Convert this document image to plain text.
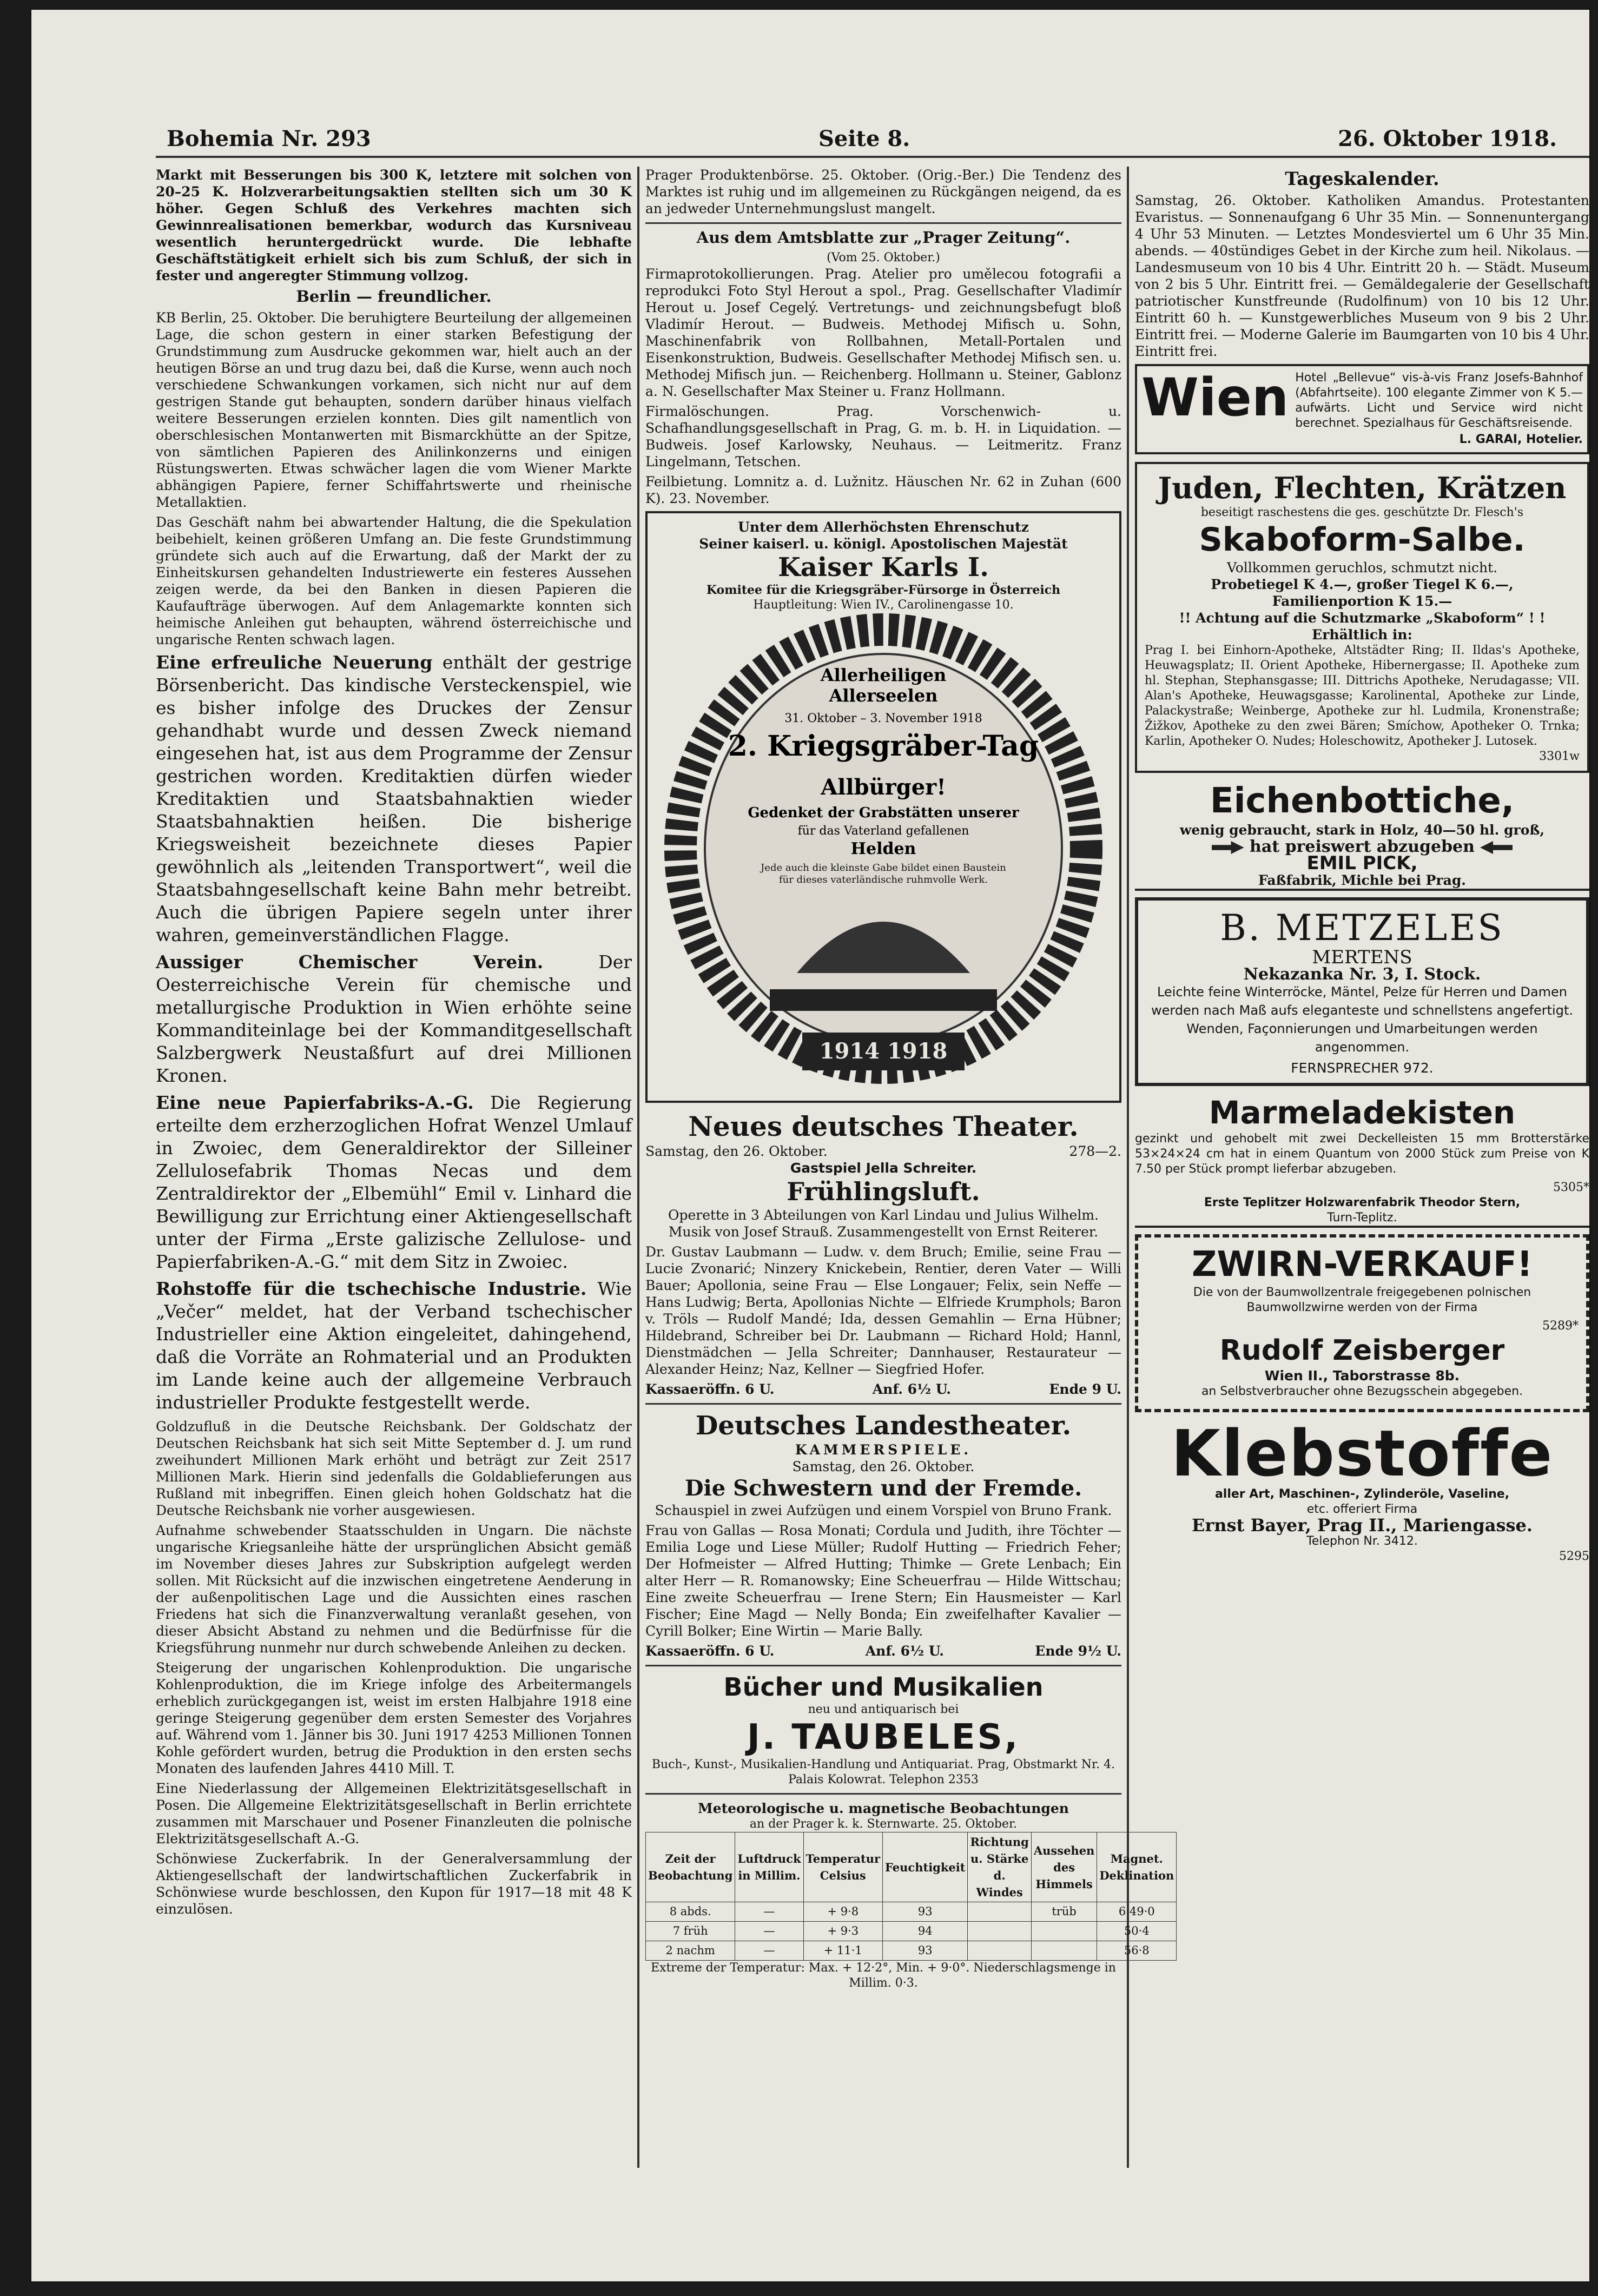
Bohemia Nr. 293	Seite 8.	26. Oktober 1918.

Markt mit Besserungen bis 300 K, letztere mit solchen von 20–25 K. Holzverarbeitungsaktien stellten sich um 30 K höher. Gegen Schluß des Verkehres machten sich Gewinnrealisationen bemerkbar, wodurch das Kursniveau wesentlich heruntergedrückt wurde. Die lebhafte Geschäftstätigkeit erhielt sich bis zum Schluß, der sich in fester und angeregter Stimmung vollzog.

Berlin — freundlicher.

KB Berlin, 25. Oktober. Die beruhigtere Beurteilung der allgemeinen Lage, die schon gestern in einer starken Befestigung der Grundstimmung zum Ausdrucke gekommen war, hielt auch an der heutigen Börse an und trug dazu bei, daß die Kurse, wenn auch noch verschiedene Schwankungen vorkamen, sich nicht nur auf dem gestrigen Stande gut behaupten, sondern darüber hinaus vielfach weitere Besserungen erzielen konnten. Dies gilt namentlich von oberschlesischen Montanwerten mit Bismarckhütte an der Spitze, von sämtlichen Papieren des Anilinkonzerns und einigen Rüstungswerten. Etwas schwächer lagen die vom Wiener Markte abhängigen Papiere, ferner Schiffahrtswerte und rheinische Metallaktien.

Das Geschäft nahm bei abwartender Haltung, die die Spekulation beibehielt, keinen größeren Umfang an. Die feste Grundstimmung gründete sich auch auf die Erwartung, daß der Markt der zu Einheitskursen gehandelten Industriewerte ein festeres Aussehen zeigen werde, da bei den Banken in diesen Papieren die Kaufaufträge überwogen. Auf dem Anlagemarkte konnten sich heimische Anleihen gut behaupten, während österreichische und ungarische Renten schwach lagen.

Eine erfreuliche Neuerung enthält der gestrige Börsenbericht. Das kindische Versteckenspiel, wie es bisher infolge des Druckes der Zensur gehandhabt wurde und dessen Zweck niemand eingesehen hat, ist aus dem Programme der Zensur gestrichen worden. Kreditaktien dürfen wieder Kreditaktien und Staatsbahnaktien wieder Staatsbahnaktien heißen. Die bisherige Kriegsweisheit bezeichnete dieses Papier gewöhnlich als „leitenden Transportwert“, weil die Staatsbahngesellschaft keine Bahn mehr betreibt. Auch die übrigen Papiere segeln unter ihrer wahren, gemeinverständlichen Flagge.

Aussiger Chemischer Verein.	Der Oesterreichische Verein für chemische und metallurgische Produktion in Wien erhöhte seine Kommanditeinlage bei der Kommanditgesellschaft Salzbergwerk Neustaßfurt auf drei Millionen Kronen.

Eine neue Papierfabriks-A.-G. Die Regierung erteilte dem erzherzoglichen Hofrat Wenzel Umlauf in Zwoiec, dem Generaldirektor der Silleiner Zellulosefabrik Thomas Necas und dem Zentraldirektor der „Elbemühl“ Emil v. Linhard die Bewilligung zur Errichtung einer Aktiengesellschaft unter der Firma „Erste galizische Zellulose- und Papierfabriken-A.-G.“ mit dem Sitz in Zwoiec.

Rohstoffe für die tschechische Industrie. Wie „Večer“ meldet, hat der Verband tschechischer Industrieller eine Aktion eingeleitet, dahingehend, daß die Vorräte an Rohmaterial und an Produkten im Lande keine auch der allgemeine Verbrauch industrieller Produkte festgestellt werde.

Goldzufluß in die Deutsche Reichsbank. Der Goldschatz der Deutschen Reichsbank hat sich seit Mitte September d. J. um rund zweihundert Millionen Mark erhöht und beträgt zur Zeit 2517 Millionen Mark. Hierin sind jedenfalls die Goldablieferungen aus Rußland mit inbegriffen. Einen gleich hohen Goldschatz hat die Deutsche Reichsbank nie vorher ausgewiesen.

Aufnahme schwebender Staatsschulden in Ungarn. Die nächste ungarische Kriegsanleihe hätte der ursprünglichen Absicht gemäß im November dieses Jahres zur Subskription aufgelegt werden sollen. Mit Rücksicht auf die inzwischen eingetretene Aenderung in der außenpolitischen Lage und die Aussichten eines raschen Friedens hat sich die Finanzverwaltung veranlaßt gesehen, von dieser Absicht Abstand zu nehmen und die Bedürfnisse für die Kriegsführung nunmehr nur durch schwebende Anleihen zu decken.

Steigerung der ungarischen Kohlenproduktion. Die ungarische Kohlenproduktion, die im Kriege infolge des Arbeitermangels erheblich zurückgegangen ist, weist im ersten Halbjahre 1918 eine geringe Steigerung gegenüber dem ersten Semester des Vorjahres auf. Während vom 1. Jänner bis 30. Juni 1917 4253 Millionen Tonnen Kohle gefördert wurden, betrug die Produktion in den ersten sechs Monaten des laufenden Jahres 4410 Mill. T.

Eine Niederlassung der Allgemeinen Elektrizitätsgesellschaft in Posen. Die Allgemeine Elektrizitätsgesellschaft in Berlin errichtete zusammen mit Marschauer und Posener Finanzleuten die polnische Elektrizitätsgesellschaft A.-G.

Schönwiese Zuckerfabrik. In der Generalversammlung der Aktiengesellschaft der landwirtschaftlichen Zuckerfabrik in Schönwiese wurde beschlossen, den Kupon für 1917—18 mit 48 K einzulösen.

Prager Produktenbörse. 25. Oktober. (Orig.-Ber.) Die Tendenz des Marktes ist ruhig und im allgemeinen zu Rückgängen neigend, da es an jedweder Unternehmungslust mangelt.

Aus dem Amtsblatte zur „Prager Zeitung“.
(Vom 25. Oktober.)

Firmaprotokollierungen. Prag. Atelier pro umělecou fotografii a reprodukci Foto Styl Herout a spol., Prag. Gesellschafter Vladimír Herout u. Josef Cegelý. Vertretungs- und zeichnungsbefugt bloß Vladimír Herout. — Budweis. Methodej Mifisch u. Sohn, Maschinenfabrik von Rollbahnen, Metall-Portalen und Eisenkonstruktion, Budweis. Gesellschafter Methodej Mifisch sen. u. Methodej Mifisch jun. — Reichenberg. Hollmann u. Steiner, Gablonz a. N. Gesellschafter Max Steiner u. Franz Hollmann.

Firmalöschungen. Prag. Vorschenwich- u. Schafhandlungsgesellschaft in Prag, G. m. b. H. in Liquidation. — Budweis. Josef Karlowsky, Neuhaus. — Leitmeritz. Franz Lingelmann, Tetschen.

Feilbietung. Lomnitz a. d. Lužnitz. Häuschen Nr. 62 in Zuhan (600 K). 23. November.

Unter dem Allerhöchsten Ehrenschutz
Seiner kaiserl. u. königl. Apostolischen Majestät
Kaiser Karls I.
Komitee für die Kriegsgräber-Fürsorge in Österreich
Hauptleitung: Wien IV., Carolinengasse 10.
Allerheiligen
Allerseelen
31. Oktober – 3. November 1918
2. Kriegsgräber-Tag
Allbürger!
Gedenket der Grabstätten unserer
für das Vaterland gefallenen
Helden
Jede auch die kleinste Gabe bildet einen Baustein für dieses vaterländische ruhmvolle Werk.
1914 1918
Neues deutsches Theater.
Samstag, den 26. Oktober.	278—2.
Gastspiel Jella Schreiter.
Frühlingsluft.

Operette in 3 Abteilungen von Karl Lindau und Julius Wilhelm. Musik von Josef Strauß. Zusammengestellt von Ernst Reiterer.

Dr. Gustav Laubmann — Ludw. v. dem Bruch; Emilie, seine Frau — Lucie Zvonarić; Ninzery Knickebein, Rentier, deren Vater — Willi Bauer; Apollonia, seine Frau — Else Longauer; Felix, sein Neffe — Hans Ludwig; Berta, Apollonias Nichte — Elfriede Krumphols; Baron v. Tröls — Rudolf Mandé; Ida, dessen Gemahlin — Erna Hübner; Hildebrand, Schreiber bei Dr. Laubmann — Richard Hold; Hannl, Dienstmädchen — Jella Schreiter; Dannhauser, Restaurateur — Alexander Heinz; Naz, Kellner — Siegfried Hofer.

Kassaeröffn. 6 U.	Anf. 6½ U.	Ende 9 U.
Deutsches Landestheater.
KAMMERSPIELE.
Samstag, den 26. Oktober.
Die Schwestern und der Fremde.

Schauspiel in zwei Aufzügen und einem Vorspiel von Bruno Frank.

Frau von Gallas — Rosa Monati; Cordula und Judith, ihre Töchter — Emilia Loge und Liese Müller; Rudolf Hutting — Friedrich Feher; Der Hofmeister — Alfred Hutting; Thimke — Grete Lenbach; Ein alter Herr — R. Romanowsky; Eine Scheuerfrau — Hilde Wittschau; Eine zweite Scheuerfrau — Irene Stern; Ein Hausmeister — Karl Fischer; Eine Magd — Nelly Bonda; Ein zweifelhafter Kavalier — Cyrill Bolker; Eine Wirtin — Marie Bally.

Kassaeröffn. 6 U.	Anf. 6½ U.	Ende 9½ U.
Bücher und Musikalien
neu und antiquarisch bei
J. TAUBELES,
Buch-, Kunst-, Musikalien-Handlung und Antiquariat. Prag, Obstmarkt Nr. 4. Palais Kolowrat. Telephon 2353
Meteorologische u. magnetische Beobachtungen
an der Prager k. k. Sternwarte. 25. Oktober.
Zeit der Beobachtung	Luftdruck in Millim.	Temperatur Celsius	Feuchtigkeit	Richtung u. Stärke d. Windes	Aussehen des Himmels	Magnet. Deklination
8 abds.	—	+ 9·8	93		trüb	6 49·0
7 früh	—	+ 9·3	94			50·4
2 nachm	—	+ 11·1	93			56·8
Extreme der Temperatur: Max. + 12·2°, Min. + 9·0°. Niederschlagsmenge in Millim. 0·3.
Tageskalender.

Samstag, 26. Oktober. Katholiken Amandus. Protestanten Evaristus. — Sonnenaufgang 6 Uhr 35 Min. — Sonnenuntergang 4 Uhr 53 Minuten. — Letztes Mondesviertel um 6 Uhr 35 Min. abends. — 40stündiges Gebet in der Kirche zum heil. Nikolaus. — Landesmuseum von 10 bis 4 Uhr. Eintritt 20 h. — Städt. Museum von 2 bis 5 Uhr. Eintritt frei. — Gemäldegalerie der Gesellschaft patriotischer Kunstfreunde (Rudolfinum) von 10 bis 12 Uhr. Eintritt 60 h. — Kunstgewerbliches Museum von 9 bis 2 Uhr. Eintritt frei. — Moderne Galerie im Baumgarten von 10 bis 4 Uhr. Eintritt frei.

Wien Hotel „Bellevue“ vis-à-vis Franz Josefs-Bahnhof (Abfahrtseite). 100 elegante Zimmer von K 5.— aufwärts. Licht und Service wird nicht berechnet. Spezialhaus für Geschäftsreisende.
L. GARAI, Hotelier.
Juden, Flechten, Krätzen
beseitigt raschestens die ges. geschützte Dr. Flesch's
Skaboform-Salbe.
Vollkommen geruchlos, schmutzt nicht.
Probetiegel K 4.—, großer Tiegel K 6.—,
Familienportion K 15.—
!! Achtung auf die Schutzmarke „Skaboform“ ! !
Erhältlich in:
Prag I. bei Einhorn-Apotheke, Altstädter Ring; II. Ildas's Apotheke, Heuwagsplatz; II. Orient Apotheke, Hibernergasse; II. Apotheke zum hl. Stephan, Stephansgasse; III. Dittrichs Apotheke, Nerudagasse; VII. Alan's Apotheke, Heuwagsgasse; Karolinental, Apotheke zur Linde, Palackystraße; Weinberge, Apotheke zur hl. Ludmila, Kronenstraße; Žižkov, Apotheke zu den zwei Bären; Smíchow, Apotheker O. Trnka; Karlin, Apotheker O. Nudes; Holeschowitz, Apotheker J. Lutosek.
3301w
Eichenbottiche,
wenig gebraucht, stark in Holz, 40—50 hl. groß,
hat preiswert abzugeben
EMIL PICK,
Faßfabrik, Michle bei Prag.
B. METZELES
MERTENS
Nekazanka Nr. 3, I. Stock.

Leichte feine Winterröcke, Mäntel, Pelze für Herren und Damen werden nach Maß aufs eleganteste und schnellstens angefertigt. Wenden, Façonnierungen und Umarbeitungen werden angenommen.

FERNSPRECHER 972.
Marmeladekisten

gezinkt und gehobelt mit zwei Deckelleisten 15 mm Brotterstärke 53×24×24 cm hat in einem Quantum von 2000 Stück zum Preise von K 7.50 per Stück prompt lieferbar abzugeben.

5305*
Erste Teplitzer Holzwarenfabrik Theodor Stern,
Turn-Teplitz.
ZWIRN-VERKAUF!

Die von der Baumwollzentrale freigegebenen polnischen Baumwollzwirne werden von der Firma

5289*
Rudolf Zeisberger
Wien II., Taborstrasse 8b.

an Selbstverbraucher ohne Bezugsschein abgegeben.

Klebstoffe
aller Art, Maschinen-, Zylinderöle, Vaseline,
etc. offeriert Firma
Ernst Bayer, Prag II., Mariengasse.
Telephon Nr. 3412.
5295
